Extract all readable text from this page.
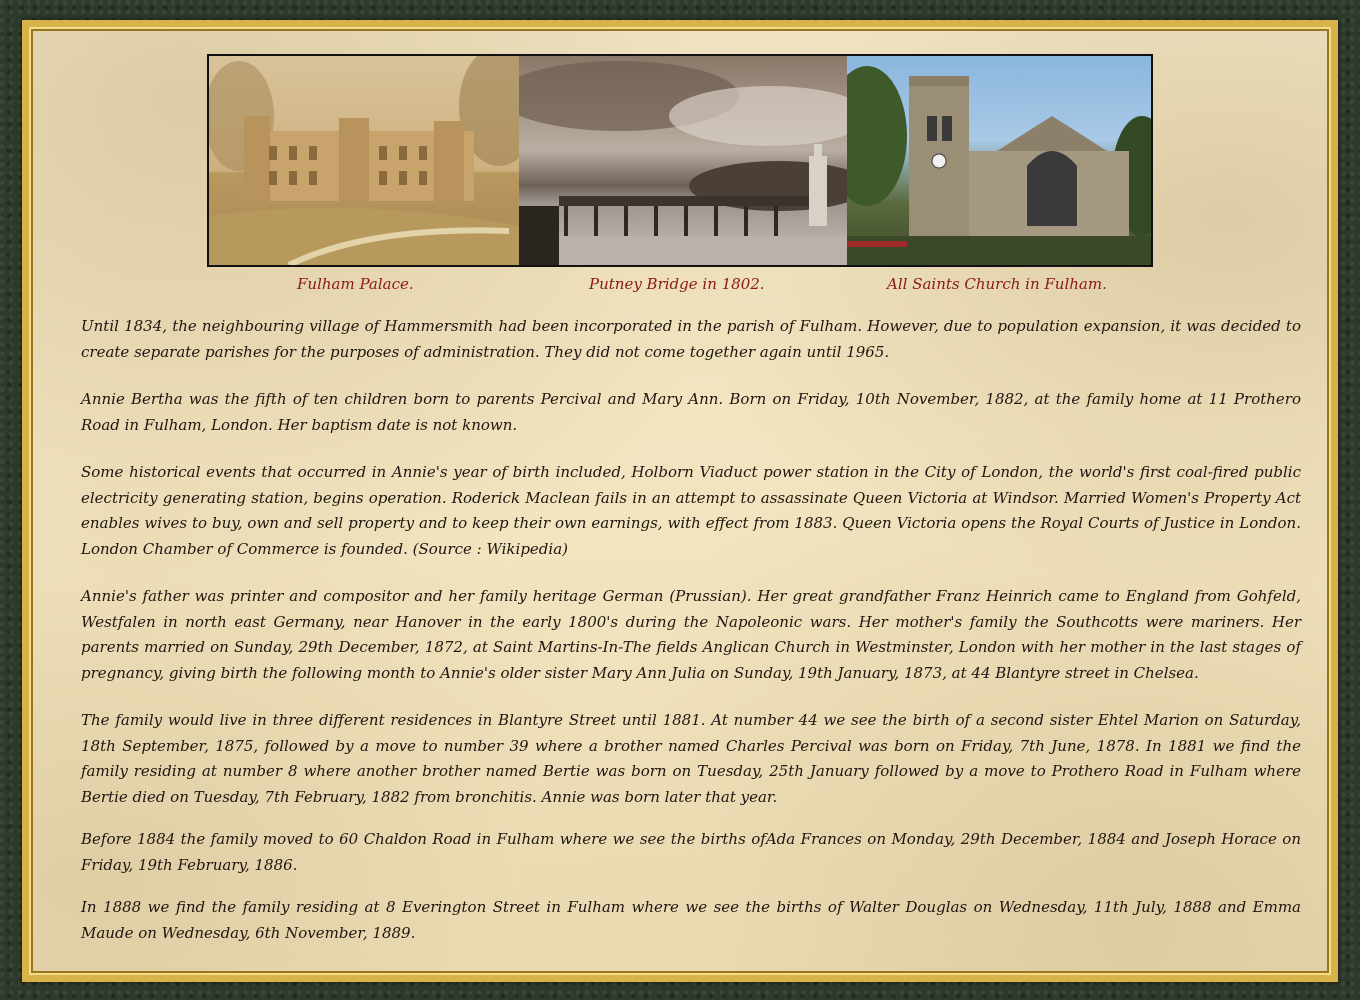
Fulham Palace.	Putney Bridge in 1802.	All Saints Church in Fulham.

Until 1834, the neighbouring village of Hammersmith had been incorporated in the parish of Fulham. However, due to population expansion, it was decided to create separate parishes for the purposes of administration. They did not come together again until 1965.

Annie Bertha was the fifth of ten children born to parents Percival and Mary Ann. Born on Friday, 10th November, 1882, at the family home at 11 Prothero Road in Fulham, London. Her baptism date is not known.

Some historical events that occurred in Annie's year of birth included, Holborn Viaduct power station in the City of London, the world's first coal-fired public electricity generating station, begins operation. Roderick Maclean fails in an attempt to assassinate Queen Victoria at Windsor. Married Women's Property Act enables wives to buy, own and sell property and to keep their own earnings, with effect from 1883. Queen Victoria opens the Royal Courts of Justice in London. London Chamber of Commerce is founded. (Source : Wikipedia)

Annie's father was printer and compositor and her family heritage German (Prussian). Her great grandfather Franz Heinrich came to England from Gohfeld, Westfalen in north east Germany, near Hanover in the early 1800's during the Napoleonic wars. Her mother's family the Southcotts were mariners. Her parents married on Sunday, 29th December, 1872, at Saint Martins-In-The fields Anglican Church in Westminster, London with her mother in the last stages of pregnancy, giving birth the following month to Annie's older sister Mary Ann Julia on Sunday, 19th January, 1873, at 44 Blantyre street in Chelsea.

The family would live in three different residences in Blantyre Street until 1881. At number 44 we see the birth of a second sister Ehtel Marion on Saturday, 18th September, 1875, followed by a move to number 39 where a brother named Charles Percival was born on Friday, 7th June, 1878. In 1881 we find the family residing at number 8 where another brother named Bertie was born on Tuesday, 25th January followed by a move to Prothero Road in Fulham where Bertie died on Tuesday, 7th February, 1882 from bronchitis. Annie was born later that year.

Before 1884 the family moved to 60 Chaldon Road in Fulham where we see the births ofAda Frances on Monday, 29th December, 1884 and Joseph Horace on Friday, 19th February, 1886.

In 1888 we find the family residing at 8 Everington Street in Fulham where we see the births of Walter Douglas on Wednesday, 11th July, 1888 and Emma Maude on Wednesday, 6th November, 1889.
